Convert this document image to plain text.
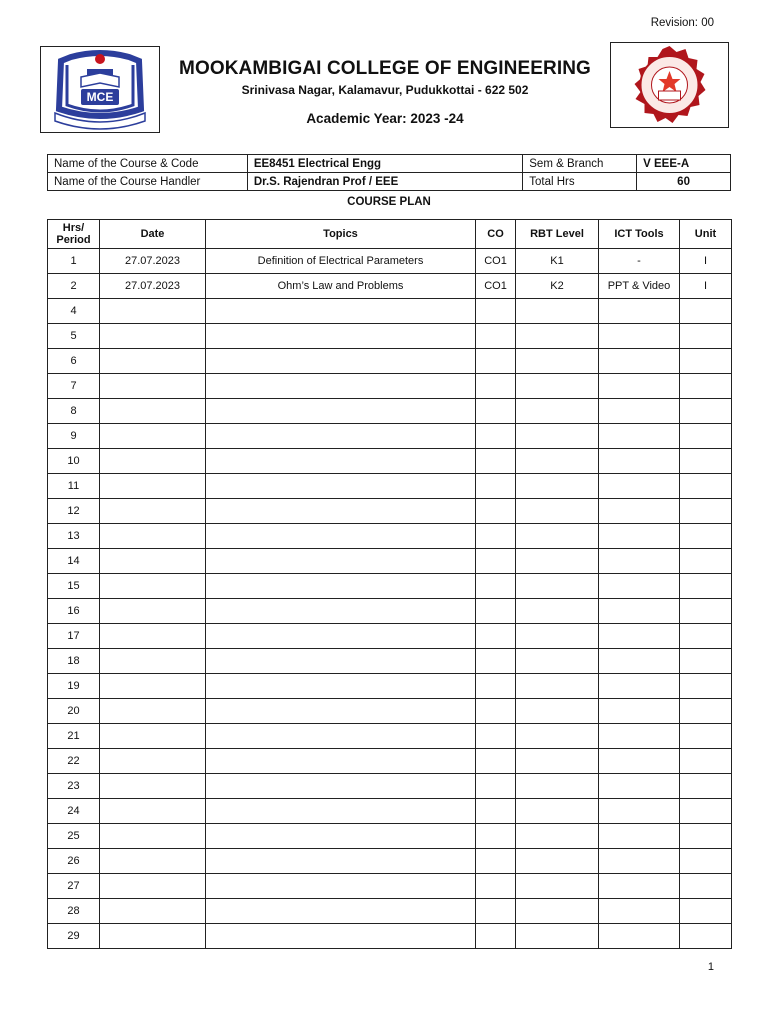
Revision: 00
MCE
MOOKAMBIGAI COLLEGE OF ENGINEERING
Srinivasa Nagar, Kalamavur, Pudukkottai - 622 502
Academic Year: 2023 -24
Name of the Course & Code	EE8451 Electrical Engg	Sem & Branch	V EEE-A
Name of the Course Handler	Dr.S. Rajendran Prof / EEE	Total Hrs	60
COURSE PLAN
Hrs/ Period	Date	Topics	CO	RBT Level	ICT Tools	Unit
1	27.07.2023	Definition of Electrical Parameters	CO1	K1	-	I
2	27.07.2023	Ohm’s Law and Problems	CO1	K2	PPT & Video	I
4						
5						
6						
7						
8						
9						
10						
11						
12						
13						
14						
15						
16						
17						
18						
19						
20						
21						
22						
23						
24						
25						
26						
27						
28						
29						
1
